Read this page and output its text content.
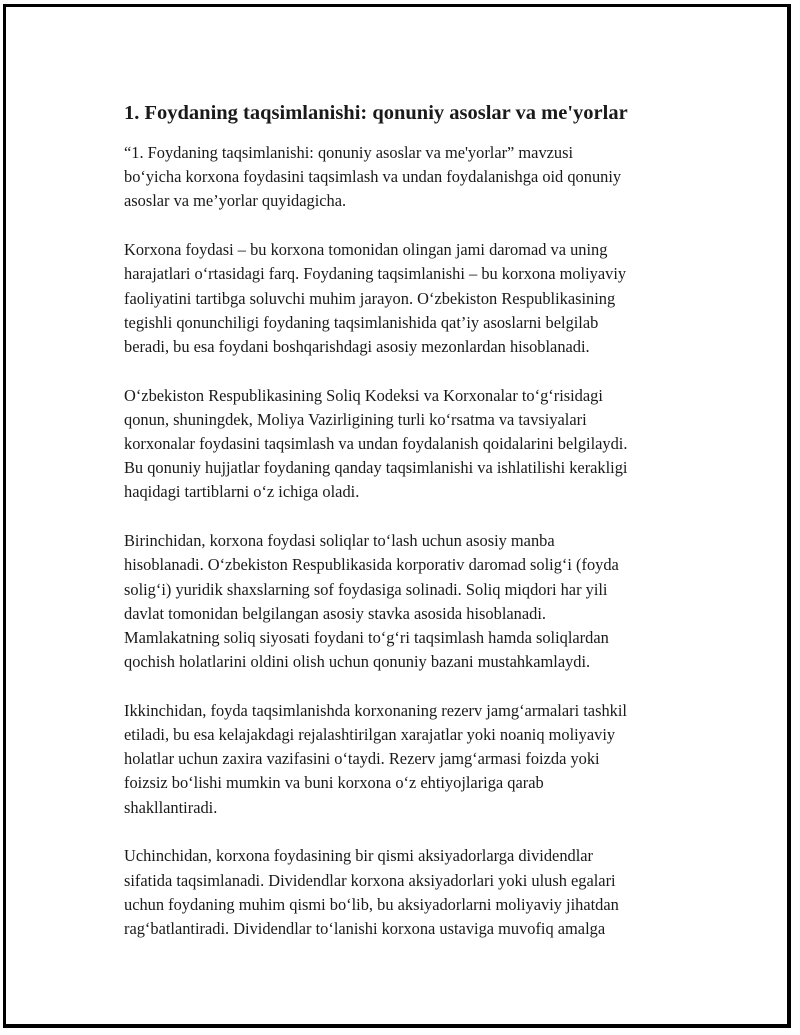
1. Foydaning taqsimlanishi: qonuniy asoslar va me'yorlar

“1. Foydaning taqsimlanishi: qonuniy asoslar va me'yorlar” mavzusi
bo‘yicha korxona foydasini taqsimlash va undan foydalanishga oid qonuniy
asoslar va me’yorlar quyidagicha.

Korxona foydasi – bu korxona tomonidan olingan jami daromad va uning
harajatlari o‘rtasidagi farq. Foydaning taqsimlanishi – bu korxona moliyaviy
faoliyatini tartibga soluvchi muhim jarayon. O‘zbekiston Respublikasining
tegishli qonunchiligi foydaning taqsimlanishida qat’iy asoslarni belgilab
beradi, bu esa foydani boshqarishdagi asosiy mezonlardan hisoblanadi.

O‘zbekiston Respublikasining Soliq Kodeksi va Korxonalar to‘g‘risidagi
qonun, shuningdek, Moliya Vazirligining turli ko‘rsatma va tavsiyalari
korxonalar foydasini taqsimlash va undan foydalanish qoidalarini belgilaydi.
Bu qonuniy hujjatlar foydaning qanday taqsimlanishi va ishlatilishi kerakligi
haqidagi tartiblarni o‘z ichiga oladi.

Birinchidan, korxona foydasi soliqlar to‘lash uchun asosiy manba
hisoblanadi. O‘zbekiston Respublikasida korporativ daromad solig‘i (foyda
solig‘i) yuridik shaxslarning sof foydasiga solinadi. Soliq miqdori har yili
davlat tomonidan belgilangan asosiy stavka asosida hisoblanadi.
Mamlakatning soliq siyosati foydani to‘g‘ri taqsimlash hamda soliqlardan
qochish holatlarini oldini olish uchun qonuniy bazani mustahkamlaydi.

Ikkinchidan, foyda taqsimlanishda korxonaning rezerv jamg‘armalari tashkil
etiladi, bu esa kelajakdagi rejalashtirilgan xarajatlar yoki noaniq moliyaviy
holatlar uchun zaxira vazifasini o‘taydi. Rezerv jamg‘armasi foizda yoki
foizsiz bo‘lishi mumkin va buni korxona o‘z ehtiyojlariga qarab
shakllantiradi.

Uchinchidan, korxona foydasining bir qismi aksiyadorlarga dividendlar
sifatida taqsimlanadi. Dividendlar korxona aksiyadorlari yoki ulush egalari
uchun foydaning muhim qismi bo‘lib, bu aksiyadorlarni moliyaviy jihatdan
rag‘batlantiradi. Dividendlar to‘lanishi korxona ustaviga muvofiq amalga
